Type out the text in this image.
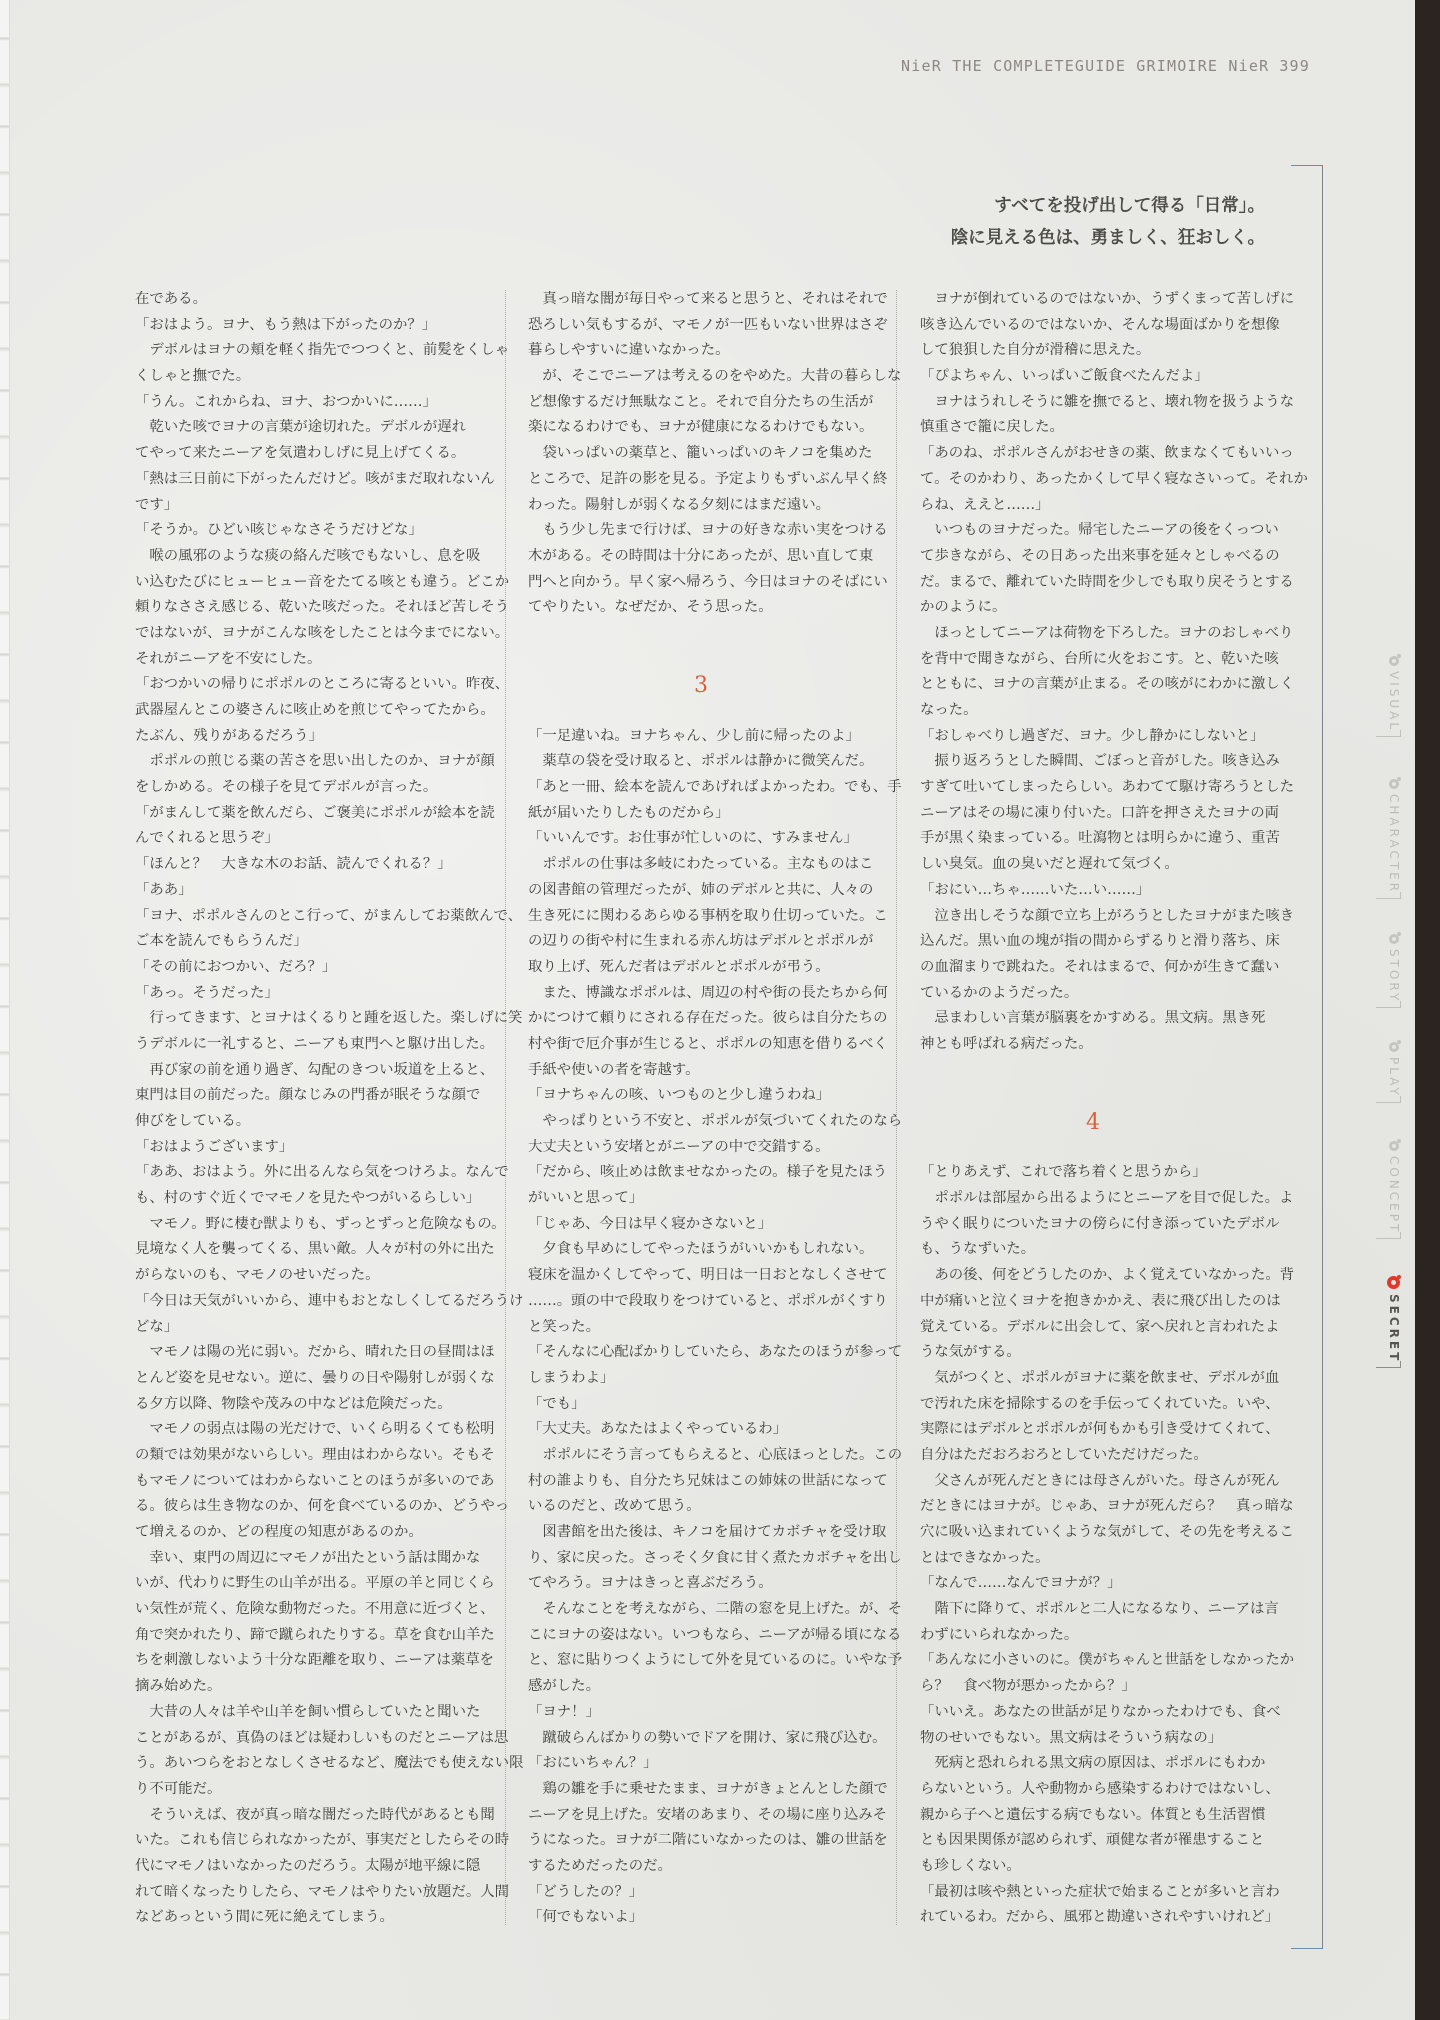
NieR THE COMPLETEGUIDE GRIMOIRE NieR 399
すべてを投げ出して得る「日常」。
陰に見える色は、勇ましく、狂おしく。
在である。
「おはよう。ヨナ、もう熱は下がったのか？」
　デボルはヨナの頬を軽く指先でつつくと、前髪をくしゃ
くしゃと撫でた。
「うん。これからね、ヨナ、おつかいに……」
　乾いた咳でヨナの言葉が途切れた。デボルが遅れ
てやって来たニーアを気遣わしげに見上げてくる。
「熱は三日前に下がったんだけど。咳がまだ取れないん
です」
「そうか。ひどい咳じゃなさそうだけどな」
　喉の風邪のような痰の絡んだ咳でもないし、息を吸
い込むたびにヒューヒュー音をたてる咳とも違う。どこか
頼りなささえ感じる、乾いた咳だった。それほど苦しそう
ではないが、ヨナがこんな咳をしたことは今までにない。
それがニーアを不安にした。
「おつかいの帰りにポポルのところに寄るといい。昨夜、
武器屋んとこの婆さんに咳止めを煎じてやってたから。
たぶん、残りがあるだろう」
　ポポルの煎じる薬の苦さを思い出したのか、ヨナが顔
をしかめる。その様子を見てデボルが言った。
「がまんして薬を飲んだら、ご褒美にポポルが絵本を読
んでくれると思うぞ」
「ほんと？　大きな木のお話、読んでくれる？」
「ああ」
「ヨナ、ポポルさんのとこ行って、がまんしてお薬飲んで、
ご本を読んでもらうんだ」
「その前におつかい、だろ？」
「あっ。そうだった」
　行ってきます、とヨナはくるりと踵を返した。楽しげに笑
うデボルに一礼すると、ニーアも東門へと駆け出した。
　再び家の前を通り過ぎ、勾配のきつい坂道を上ると、
東門は目の前だった。顔なじみの門番が眠そうな顔で
伸びをしている。
「おはようございます」
「ああ、おはよう。外に出るんなら気をつけろよ。なんで
も、村のすぐ近くでマモノを見たやつがいるらしい」
　マモノ。野に棲む獣よりも、ずっとずっと危険なもの。
見境なく人を襲ってくる、黒い敵。人々が村の外に出た
がらないのも、マモノのせいだった。
「今日は天気がいいから、連中もおとなしくしてるだろうけ
どな」
　マモノは陽の光に弱い。だから、晴れた日の昼間はほ
とんど姿を見せない。逆に、曇りの日や陽射しが弱くな
る夕方以降、物陰や茂みの中などは危険だった。
　マモノの弱点は陽の光だけで、いくら明るくても松明
の類では効果がないらしい。理由はわからない。そもそ
もマモノについてはわからないことのほうが多いのであ
る。彼らは生き物なのか、何を食べているのか、どうやっ
て増えるのか、どの程度の知恵があるのか。
　幸い、東門の周辺にマモノが出たという話は聞かな
いが、代わりに野生の山羊が出る。平原の羊と同じくら
い気性が荒く、危険な動物だった。不用意に近づくと、
角で突かれたり、蹄で蹴られたりする。草を食む山羊た
ちを刺激しないよう十分な距離を取り、ニーアは薬草を
摘み始めた。
　大昔の人々は羊や山羊を飼い慣らしていたと聞いた
ことがあるが、真偽のほどは疑わしいものだとニーアは思
う。あいつらをおとなしくさせるなど、魔法でも使えない限
り不可能だ。
　そういえば、夜が真っ暗な闇だった時代があるとも聞
いた。これも信じられなかったが、事実だとしたらその時
代にマモノはいなかったのだろう。太陽が地平線に隠
れて暗くなったりしたら、マモノはやりたい放題だ。人間
などあっという間に死に絶えてしまう。
　真っ暗な闇が毎日やって来ると思うと、それはそれで
恐ろしい気もするが、マモノが一匹もいない世界はさぞ
暮らしやすいに違いなかった。
　が、そこでニーアは考えるのをやめた。大昔の暮らしな
ど想像するだけ無駄なこと。それで自分たちの生活が
楽になるわけでも、ヨナが健康になるわけでもない。
　袋いっぱいの薬草と、籠いっぱいのキノコを集めた
ところで、足許の影を見る。予定よりもずいぶん早く終
わった。陽射しが弱くなる夕刻にはまだ遠い。
　もう少し先まで行けば、ヨナの好きな赤い実をつける
木がある。その時間は十分にあったが、思い直して東
門へと向かう。早く家へ帰ろう、今日はヨナのそばにい
てやりたい。なぜだか、そう思った。
3
「一足違いね。ヨナちゃん、少し前に帰ったのよ」
　薬草の袋を受け取ると、ポポルは静かに微笑んだ。
「あと一冊、絵本を読んであげればよかったわ。でも、手
紙が届いたりしたものだから」
「いいんです。お仕事が忙しいのに、すみません」
　ポポルの仕事は多岐にわたっている。主なものはこ
の図書館の管理だったが、姉のデボルと共に、人々の
生き死にに関わるあらゆる事柄を取り仕切っていた。こ
の辺りの街や村に生まれる赤ん坊はデボルとポポルが
取り上げ、死んだ者はデボルとポポルが弔う。
　また、博識なポポルは、周辺の村や街の長たちから何
かにつけて頼りにされる存在だった。彼らは自分たちの
村や街で厄介事が生じると、ポポルの知恵を借りるべく
手紙や使いの者を寄越す。
「ヨナちゃんの咳、いつものと少し違うわね」
　やっぱりという不安と、ポポルが気づいてくれたのなら
大丈夫という安堵とがニーアの中で交錯する。
「だから、咳止めは飲ませなかったの。様子を見たほう
がいいと思って」
「じゃあ、今日は早く寝かさないと」
　夕食も早めにしてやったほうがいいかもしれない。
寝床を温かくしてやって、明日は一日おとなしくさせて
……。頭の中で段取りをつけていると、ポポルがくすり
と笑った。
「そんなに心配ばかりしていたら、あなたのほうが参って
しまうわよ」
「でも」
「大丈夫。あなたはよくやっているわ」
　ポポルにそう言ってもらえると、心底ほっとした。この
村の誰よりも、自分たち兄妹はこの姉妹の世話になって
いるのだと、改めて思う。
　図書館を出た後は、キノコを届けてカボチャを受け取
り、家に戻った。さっそく夕食に甘く煮たカボチャを出し
てやろう。ヨナはきっと喜ぶだろう。
　そんなことを考えながら、二階の窓を見上げた。が、そ
こにヨナの姿はない。いつもなら、ニーアが帰る頃になる
と、窓に貼りつくようにして外を見ているのに。いやな予
感がした。
「ヨナ！」
　蹴破らんばかりの勢いでドアを開け、家に飛び込む。
「おにいちゃん？」
　鶏の雛を手に乗せたまま、ヨナがきょとんとした顔で
ニーアを見上げた。安堵のあまり、その場に座り込みそ
うになった。ヨナが二階にいなかったのは、雛の世話を
するためだったのだ。
「どうしたの？」
「何でもないよ」
　ヨナが倒れているのではないか、うずくまって苦しげに
咳き込んでいるのではないか、そんな場面ばかりを想像
して狼狽した自分が滑稽に思えた。
「ぴよちゃん、いっぱいご飯食べたんだよ」
　ヨナはうれしそうに雛を撫でると、壊れ物を扱うような
慎重さで籠に戻した。
「あのね、ポポルさんがおせきの薬、飲まなくてもいいっ
て。そのかわり、あったかくして早く寝なさいって。それか
らね、ええと……」
　いつものヨナだった。帰宅したニーアの後をくっつい
て歩きながら、その日あった出来事を延々としゃべるの
だ。まるで、離れていた時間を少しでも取り戻そうとする
かのように。
　ほっとしてニーアは荷物を下ろした。ヨナのおしゃべり
を背中で聞きながら、台所に火をおこす。と、乾いた咳
とともに、ヨナの言葉が止まる。その咳がにわかに激しく
なった。
「おしゃべりし過ぎだ、ヨナ。少し静かにしないと」
　振り返ろうとした瞬間、ごぼっと音がした。咳き込み
すぎて吐いてしまったらしい。あわてて駆け寄ろうとした
ニーアはその場に凍り付いた。口許を押さえたヨナの両
手が黒く染まっている。吐瀉物とは明らかに違う、重苦
しい臭気。血の臭いだと遅れて気づく。
「おにい…ちゃ……いた…い……」
　泣き出しそうな顔で立ち上がろうとしたヨナがまた咳き
込んだ。黒い血の塊が指の間からずるりと滑り落ち、床
の血溜まりで跳ねた。それはまるで、何かが生きて蠢い
ているかのようだった。
　忌まわしい言葉が脳裏をかすめる。黒文病。黒き死
神とも呼ばれる病だった。
4
「とりあえず、これで落ち着くと思うから」
　ポポルは部屋から出るようにとニーアを目で促した。よ
うやく眠りについたヨナの傍らに付き添っていたデボル
も、うなずいた。
　あの後、何をどうしたのか、よく覚えていなかった。背
中が痛いと泣くヨナを抱きかかえ、表に飛び出したのは
覚えている。デボルに出会して、家へ戻れと言われたよ
うな気がする。
　気がつくと、ポポルがヨナに薬を飲ませ、デボルが血
で汚れた床を掃除するのを手伝ってくれていた。いや、
実際にはデボルとポポルが何もかも引き受けてくれて、
自分はただおろおろとしていただけだった。
　父さんが死んだときには母さんがいた。母さんが死ん
だときにはヨナが。じゃあ、ヨナが死んだら？　真っ暗な
穴に吸い込まれていくような気がして、その先を考えるこ
とはできなかった。
「なんで……なんでヨナが？」
　階下に降りて、ポポルと二人になるなり、ニーアは言
わずにいられなかった。
「あんなに小さいのに。僕がちゃんと世話をしなかったか
ら？　食べ物が悪かったから？」
「いいえ。あなたの世話が足りなかったわけでも、食べ
物のせいでもない。黒文病はそういう病なの」
　死病と恐れられる黒文病の原因は、ポポルにもわか
らないという。人や動物から感染するわけではないし、
親から子へと遺伝する病でもない。体質とも生活習慣
とも因果関係が認められず、頑健な者が罹患すること
も珍しくない。
「最初は咳や熱といった症状で始まることが多いと言わ
れているわ。だから、風邪と勘違いされやすいけれど」
VISUAL
CHARACTER
STORY
PLAY
CONCEPT
SECRET
